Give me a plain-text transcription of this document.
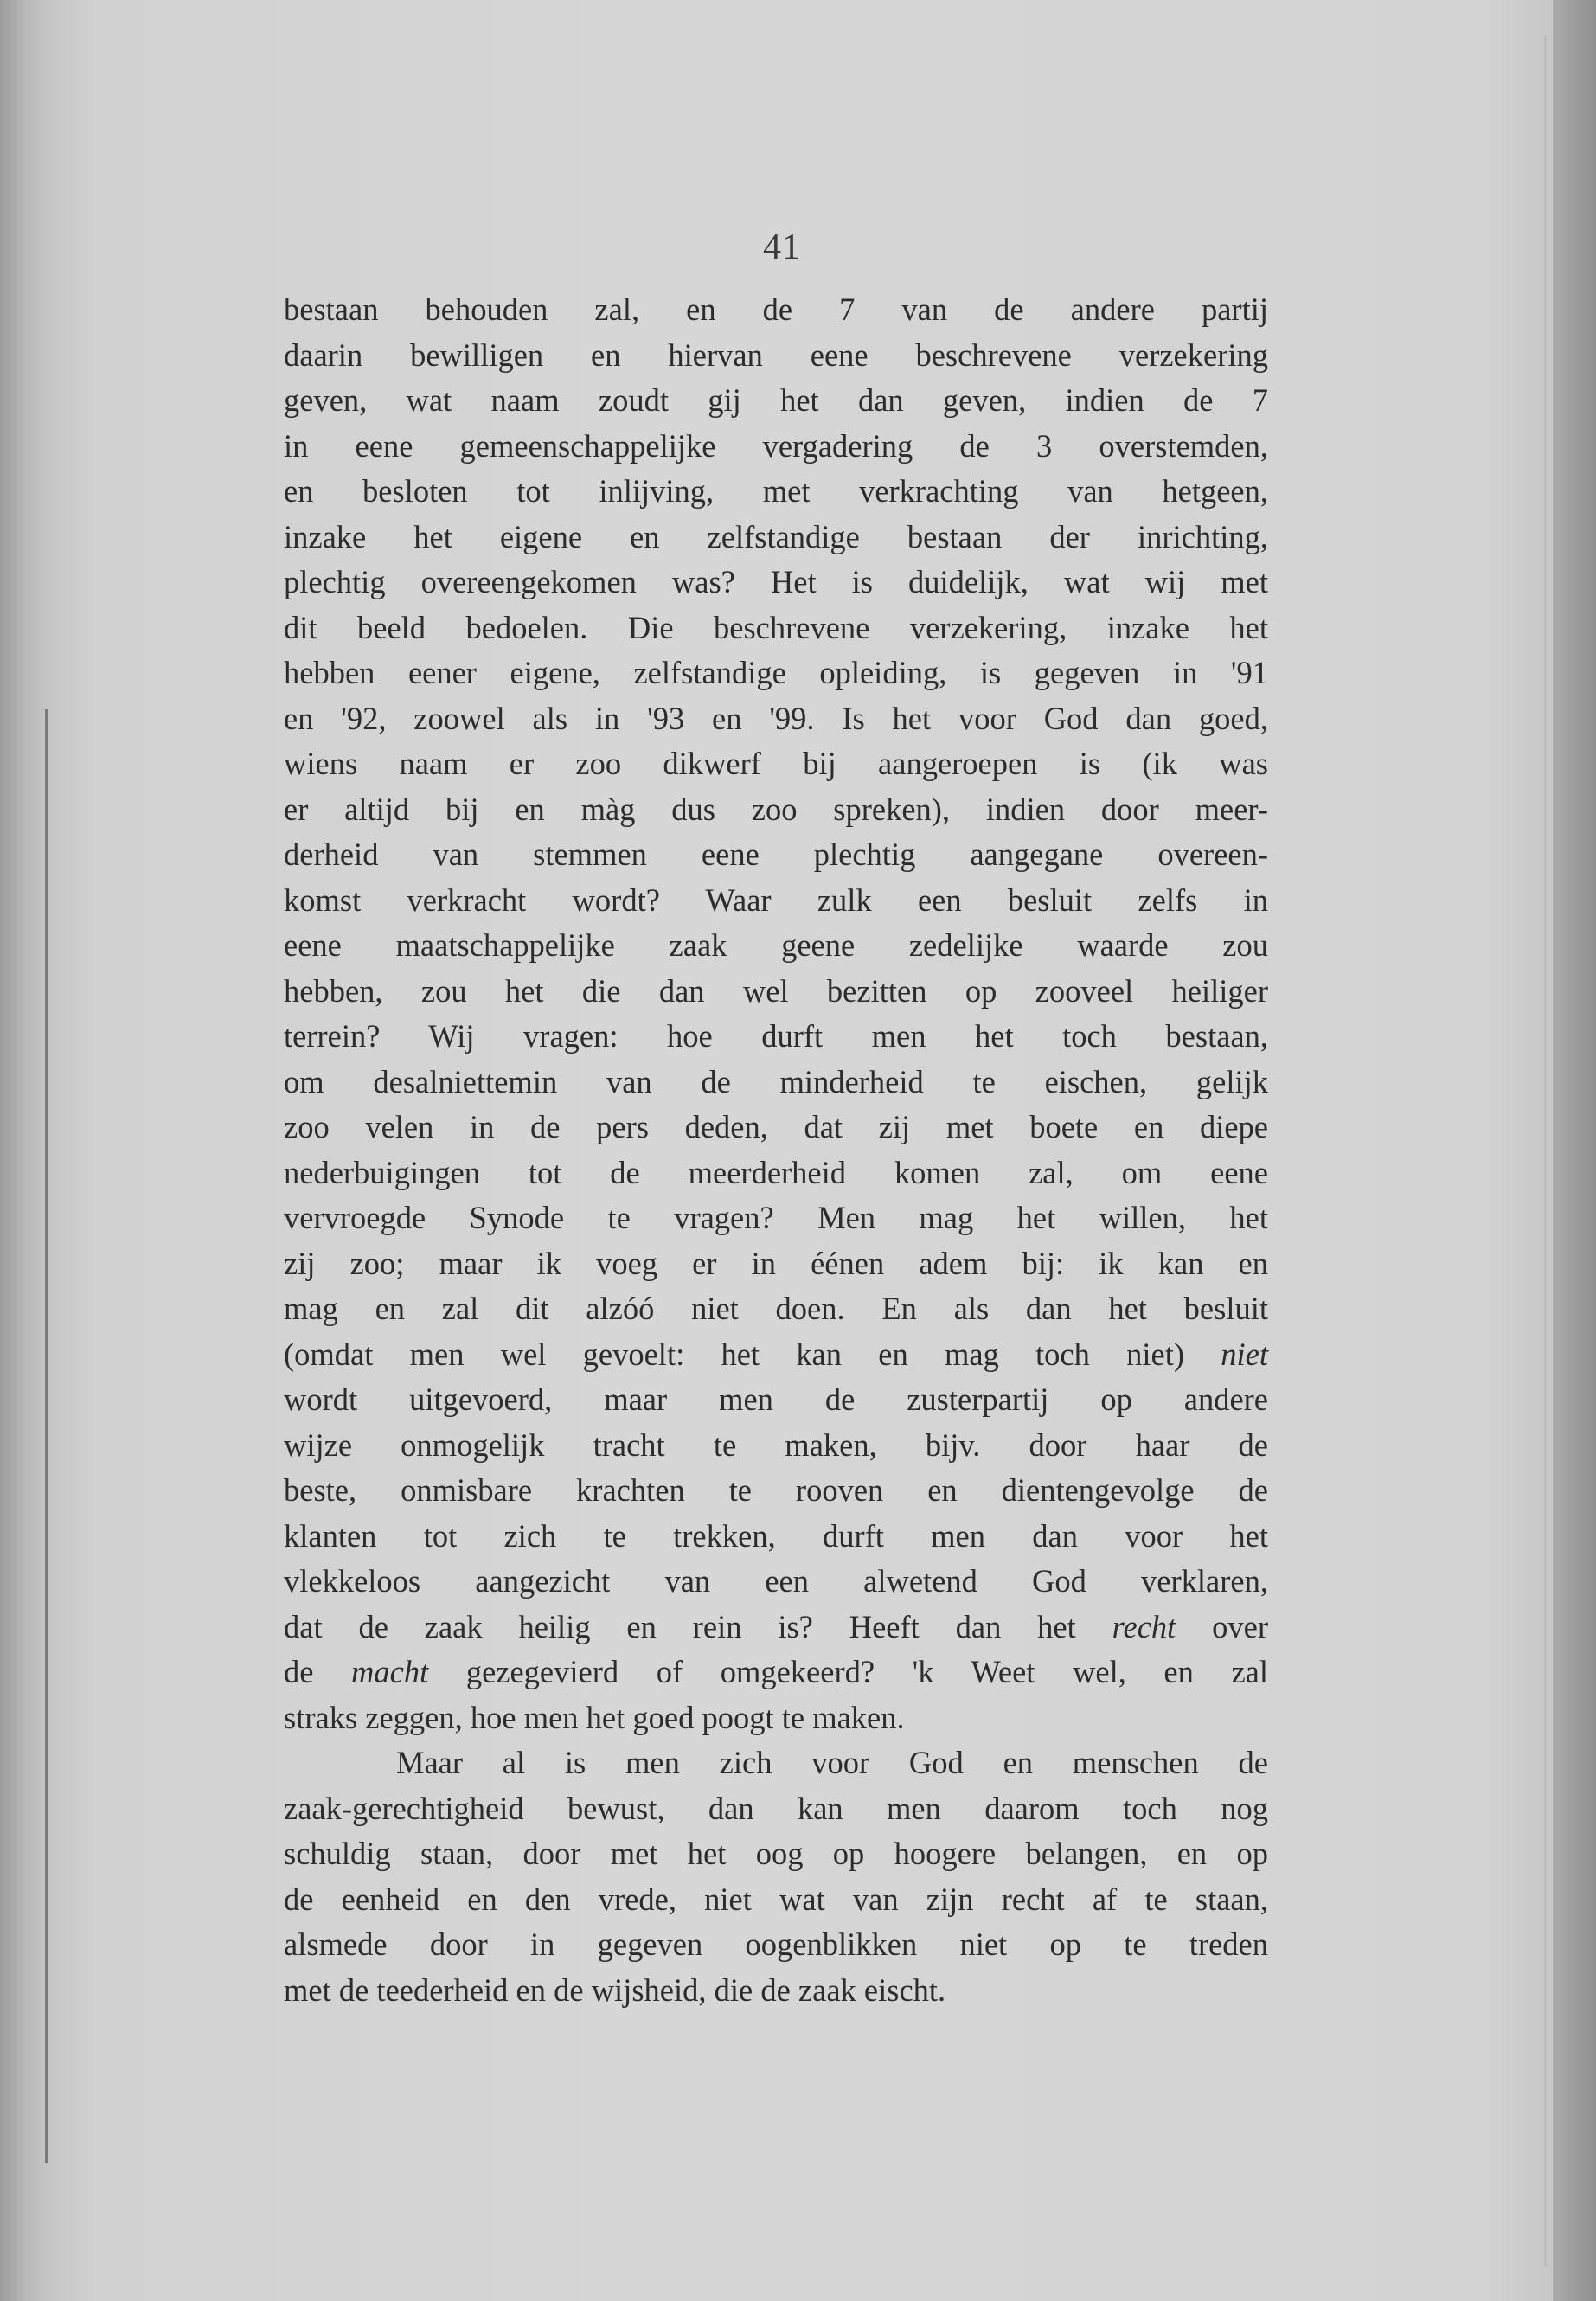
41
bestaan behouden zal, en de 7 van de andere partij
daarin bewilligen en hiervan eene beschrevene verzekering
geven, wat naam zoudt gij het dan geven, indien de 7
in eene gemeenschappelijke vergadering de 3 overstemden,
en besloten tot inlijving, met verkrachting van hetgeen,
inzake het eigene en zelfstandige bestaan der inrichting,
plechtig overeengekomen was? Het is duidelijk, wat wij met
dit beeld bedoelen. Die beschrevene verzekering, inzake het
hebben eener eigene, zelfstandige opleiding, is gegeven in '91
en '92, zoowel als in '93 en '99. Is het voor God dan goed,
wiens naam er zoo dikwerf bij aangeroepen is (ik was
er altijd bij en màg dus zoo spreken), indien door meer-
derheid van stemmen eene plechtig aangegane overeen-
komst verkracht wordt? Waar zulk een besluit zelfs in
eene maatschappelijke zaak geene zedelijke waarde zou
hebben, zou het die dan wel bezitten op zooveel heiliger
terrein? Wij vragen: hoe durft men het toch bestaan,
om desalniettemin van de minderheid te eischen, gelijk
zoo velen in de pers deden, dat zij met boete en diepe
nederbuigingen tot de meerderheid komen zal, om eene
vervroegde Synode te vragen? Men mag het willen, het
zij zoo; maar ik voeg er in éénen adem bij: ik kan en
mag en zal dit alzóó niet doen. En als dan het besluit
(omdat men wel gevoelt: het kan en mag toch niet) niet
wordt uitgevoerd, maar men de zusterpartij op andere
wijze onmogelijk tracht te maken, bijv. door haar de
beste, onmisbare krachten te rooven en dientengevolge de
klanten tot zich te trekken, durft men dan voor het
vlekkeloos aangezicht van een alwetend God verklaren,
dat de zaak heilig en rein is? Heeft dan het recht over
de macht gezegevierd of omgekeerd? 'k Weet wel, en zal
straks zeggen, hoe men het goed poogt te maken.
Maar al is men zich voor God en menschen de
zaak-gerechtigheid bewust, dan kan men daarom toch nog
schuldig staan, door met het oog op hoogere belangen, en op
de eenheid en den vrede, niet wat van zijn recht af te staan,
alsmede door in gegeven oogenblikken niet op te treden
met de teederheid en de wijsheid, die de zaak eischt.
